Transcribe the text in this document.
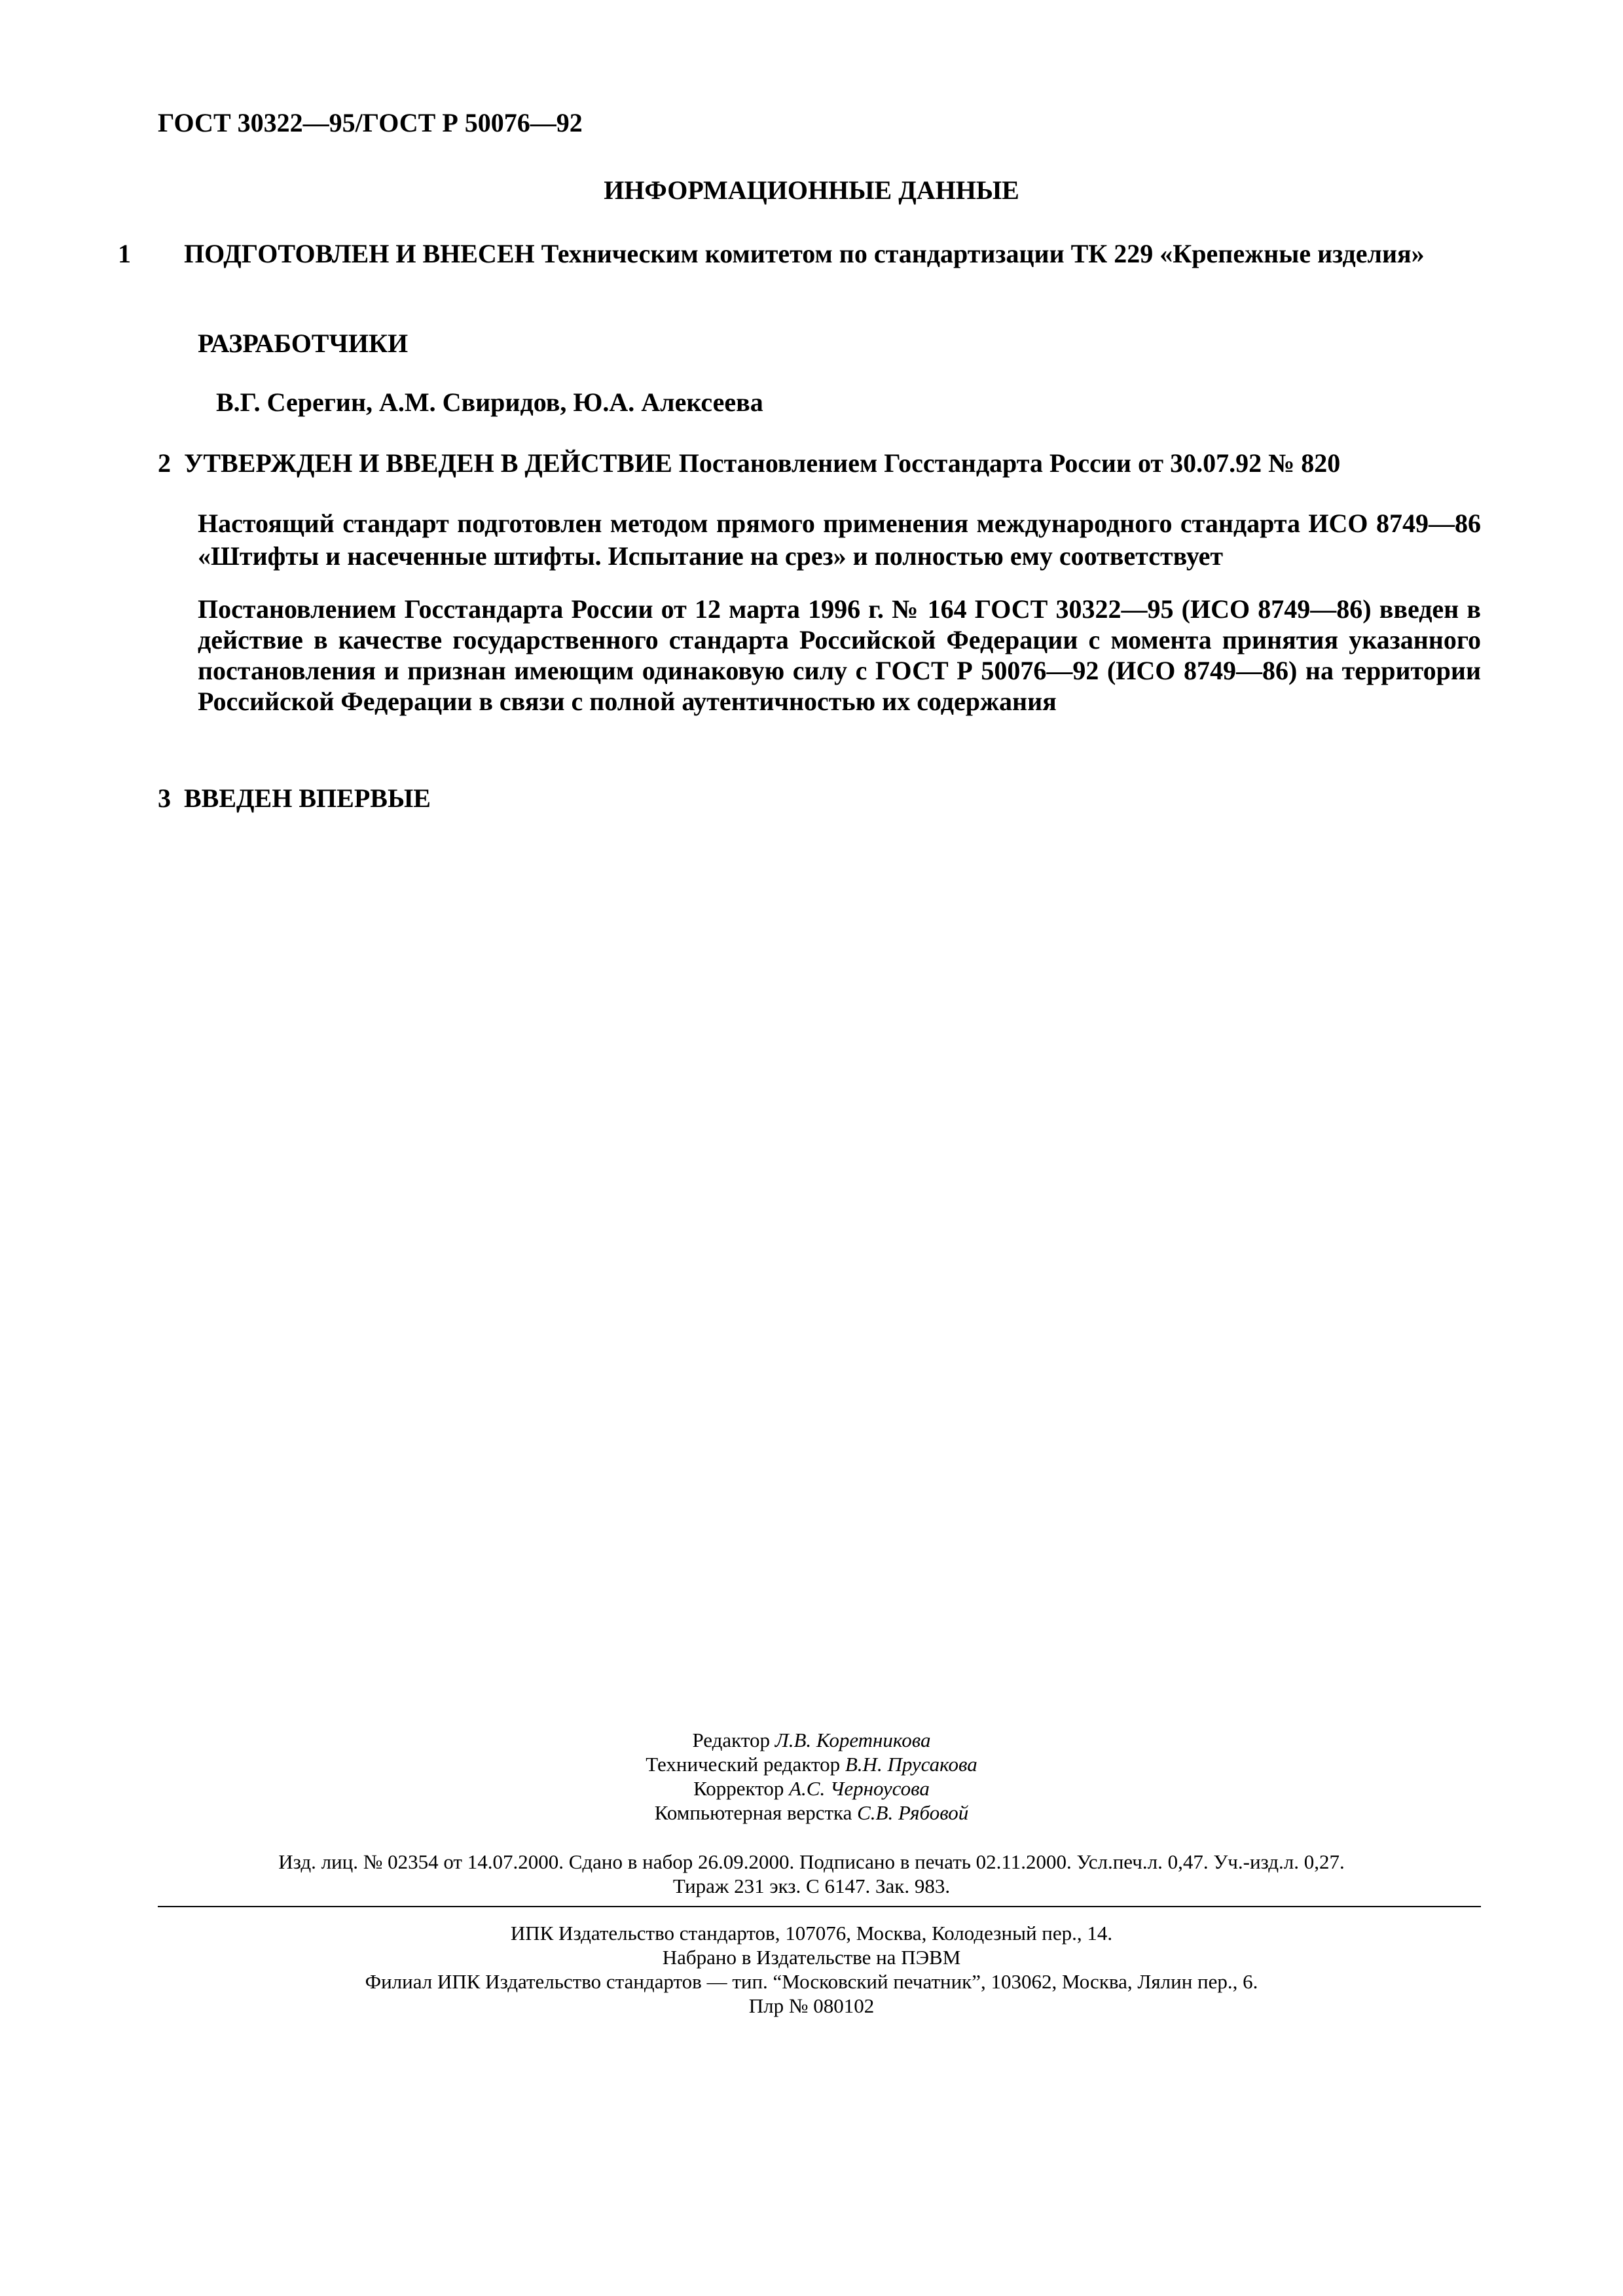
ГОСТ 30322—95/ГОСТ Р 50076—92
ИНФОРМАЦИОННЫЕ ДАННЫЕ
1 ПОДГОТОВЛЕН И ВНЕСЕН Техническим комитетом по стандартизации ТК 229 «Крепежные изделия»
РАЗРАБОТЧИКИ
В.Г. Серегин, А.М. Свиридов, Ю.А. Алексеева
2 УТВЕРЖДЕН И ВВЕДЕН В ДЕЙСТВИЕ Постановлением Госстандарта России от 30.07.92 № 820
Настоящий стандарт подготовлен методом прямого применения международного стандарта ИСО 8749—86 «Штифты и насеченные штифты. Испытание на срез» и полностью ему соответствует
Постановлением Госстандарта России от 12 марта 1996 г. № 164 ГОСТ 30322—95 (ИСО 8749—86) введен в действие в качестве государственного стандарта Российской Федерации с момента принятия указанного постановления и признан имеющим одинаковую силу с ГОСТ Р 50076—92 (ИСО 8749—86) на территории Российской Федерации в связи с полной аутентичностью их содержания
3 ВВЕДЕН ВПЕРВЫЕ
Редактор Л.В. Коретникова
Технический редактор В.Н. Прусакова
Корректор А.С. Черноусова
Компьютерная верстка С.В. Рябовой
Изд. лиц. № 02354 от 14.07.2000. Сдано в набор 26.09.2000. Подписано в печать 02.11.2000. Усл.печ.л. 0,47. Уч.-изд.л. 0,27.
Тираж 231 экз. С 6147. Зак. 983.
ИПК Издательство стандартов, 107076, Москва, Колодезный пер., 14.
Набрано в Издательстве на ПЭВМ
Филиал ИПК Издательство стандартов — тип. “Московский печатник”, 103062, Москва, Лялин пер., 6.
Плр № 080102
